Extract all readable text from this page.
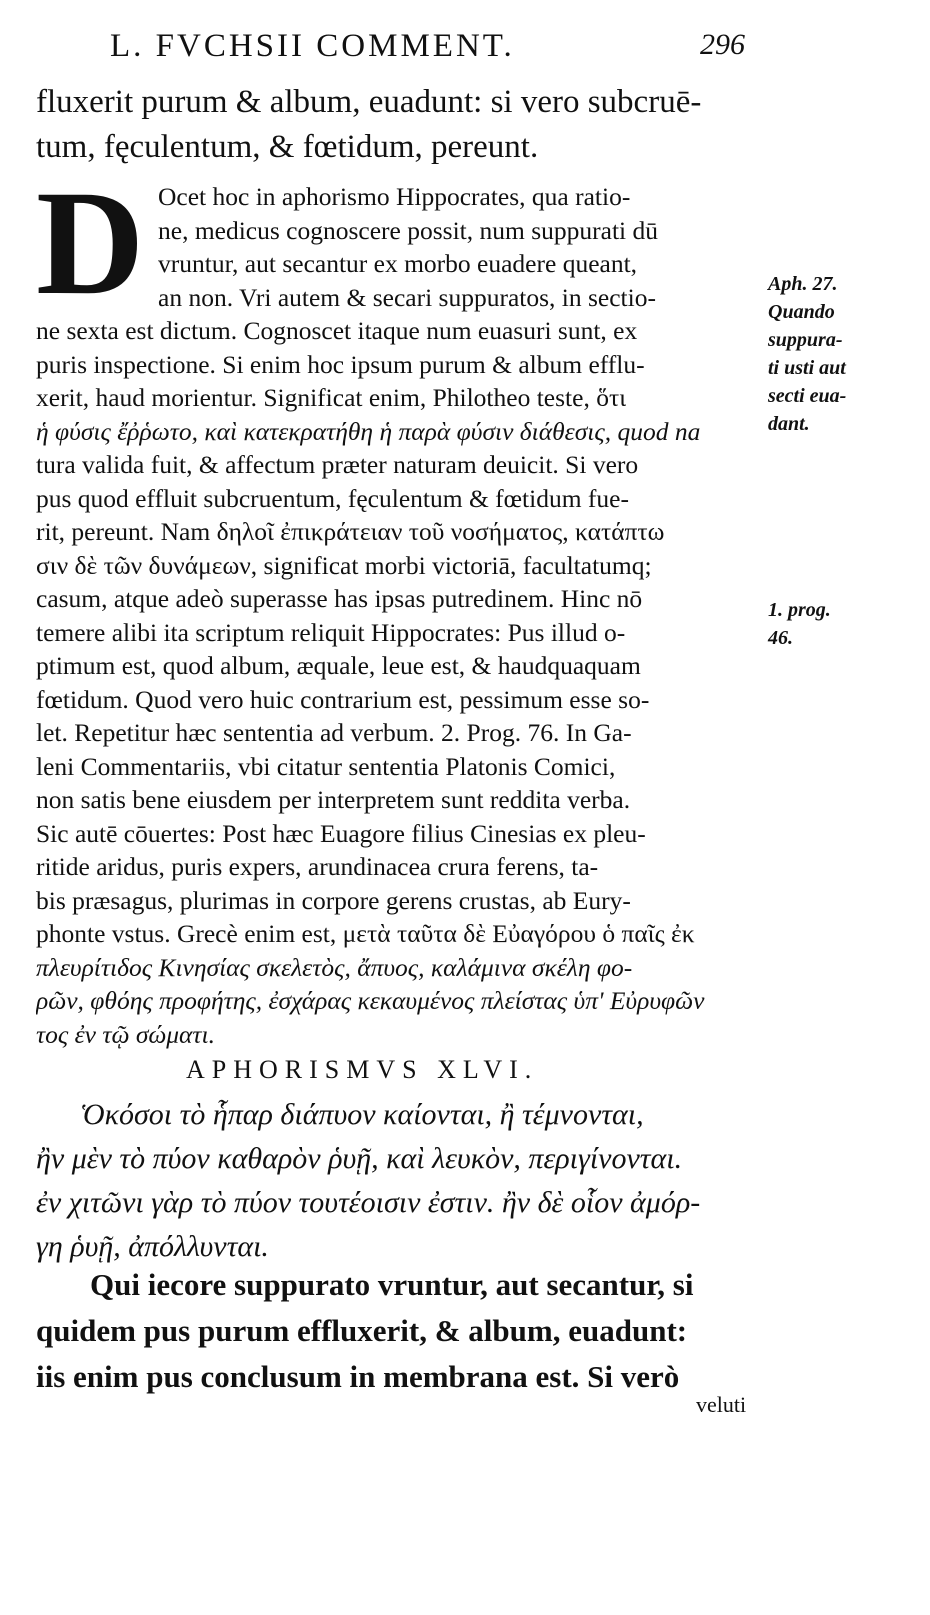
L. FVCHSII COMMENT.	296
fluxerit purum & album, euadunt: si vero subcruē-
tum, fęculentum, & fœtidum, pereunt.
D Ocet hoc in aphorismo Hippocrates, qua ratio-
ne, medicus cognoscere possit, num suppurati dū
vruntur, aut secantur ex morbo euadere queant,
an non. Vri autem & secari suppuratos, in sectio-
ne sexta est dictum. Cognoscet itaque num euasuri sunt, ex
puris inspectione. Si enim hoc ipsum purum & album efflu-
xerit, haud morientur. Significat enim, Philotheo teste, ὅτι
ἡ φύσις ἔῤῥωτο, καὶ κατεκρατήθη ἡ παρὰ φύσιν διάθεσις, quod na
tura valida fuit, & affectum præter naturam deuicit. Si vero
pus quod effluit subcruentum, fęculentum & fœtidum fue-
rit, pereunt. Nam δηλοῖ ἐπικράτειαν τοῦ νοσήματος, κατάπτω
σιν δὲ τῶν δυνάμεων, significat morbi victoriā, facultatumq;
casum, atque adeò superasse has ipsas putredinem. Hinc nō
temere alibi ita scriptum reliquit Hippocrates: Pus illud o-
ptimum est, quod album, æquale, leue est, & haudquaquam
fœtidum. Quod vero huic contrarium est, pessimum esse so-
let. Repetitur hæc sententia ad verbum. 2. Prog. 76. In Ga-
leni Commentariis, vbi citatur sententia Platonis Comici,
non satis bene eiusdem per interpretem sunt reddita verba.
Sic autē cōuertes: Post hæc Euagore filius Cinesias ex pleu-
ritide aridus, puris expers, arundinacea crura ferens, ta-
bis præsagus, plurimas in corpore gerens crustas, ab Eury-
phonte vstus. Grecè enim est, μετὰ ταῦτα δὲ Εὐαγόρου ὁ παῖς ἐκ
πλευρίτιδος Κινησίας σκελετὸς, ἄπυος, καλάμινα σκέλη φο-
ρῶν, φθόης προφήτης, ἐσχάρας κεκαυμένος πλείστας ὑπ' Εὐρυφῶν
τος ἐν τῷ σώματι.
APHORISMVS XLVI.
Ὁκόσοι τὸ ἧπαρ διάπυον καίονται, ἢ τέμνονται,
ἢν μὲν τὸ πύον καθαρὸν ῥυῇ, καὶ λευκὸν, περιγίνονται.
ἐν χιτῶνι γὰρ τὸ πύον τουτέοισιν ἐστιν. ἢν δὲ οἷον ἀμόρ-
γη ῥυῇ, ἀπόλλυνται.
Qui iecore suppurato vruntur, aut secantur, si
quidem pus purum effluxerit, & album, euadunt:
iis enim pus conclusum in membrana est. Si verò
veluti
Aph. 27.
Quando
suppura-
ti usti aut
secti eua-
dant.
1. prog.
46.
